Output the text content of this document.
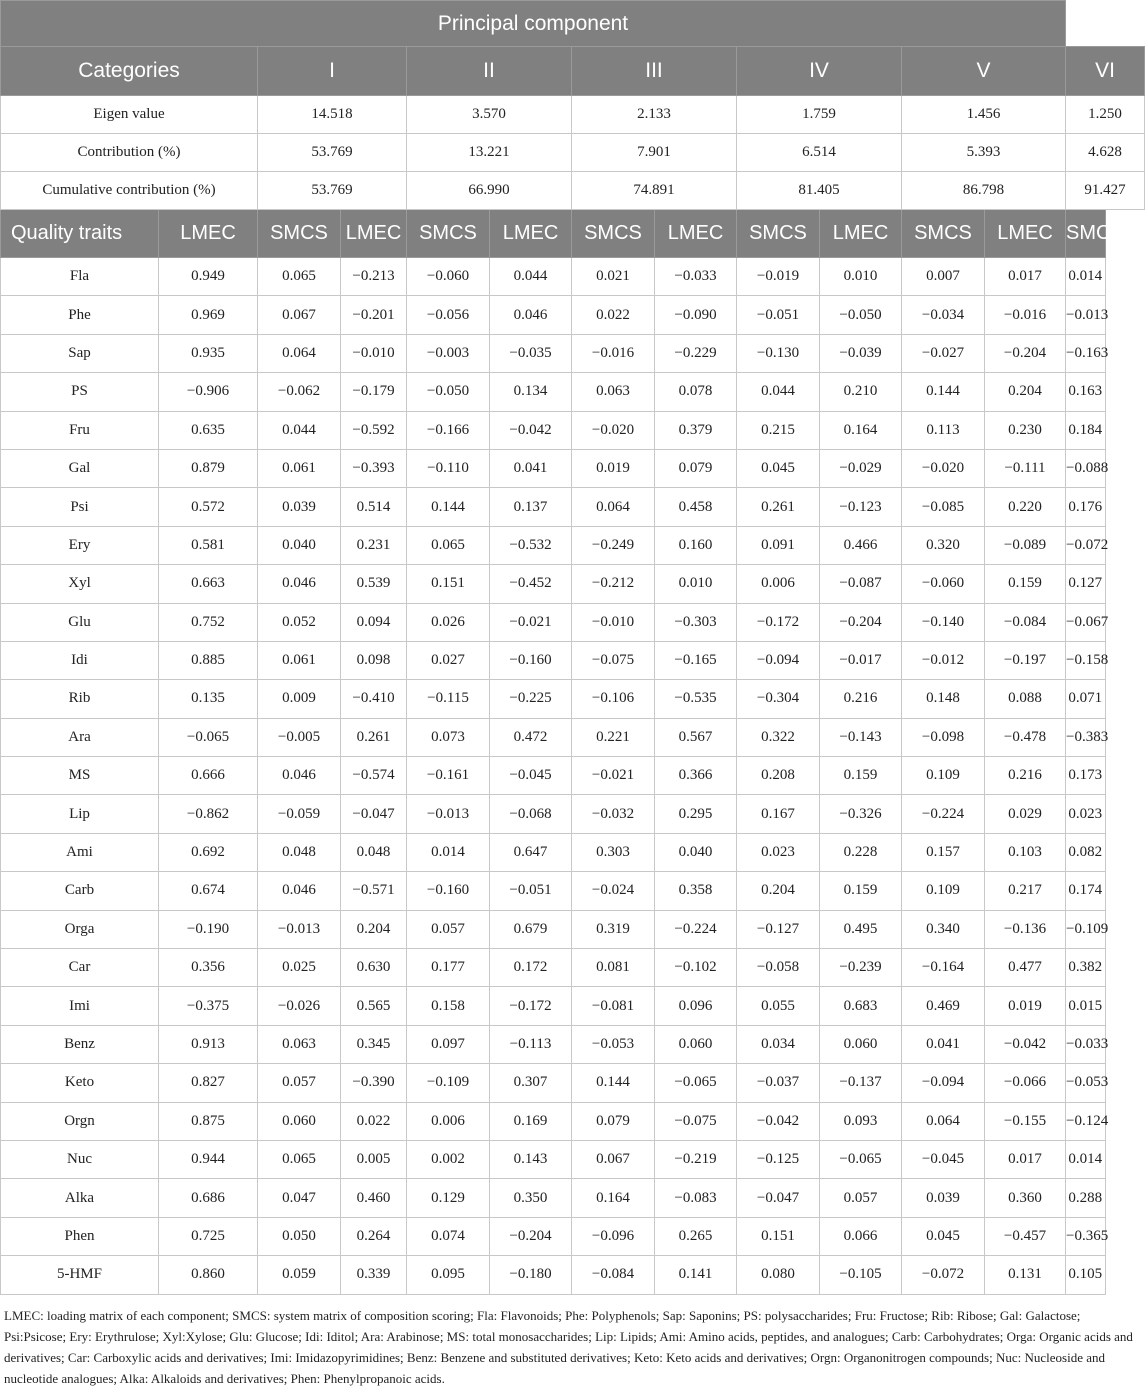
Principal component												
Categories		I		II		III		IV		V		VI
Eigen value		14.518		3.570		2.133		1.759		1.456		1.250
Contribution (%)		53.769		13.221		7.901		6.514		5.393		4.628
Cumulative contribution (%)		53.769		66.990		74.891		81.405		86.798		91.427
Quality traits	LMEC	SMCS	LMEC	SMCS	LMEC	SMCS	LMEC	SMCS	LMEC	SMCS	LMEC	SMCS
Fla	0.949	0.065	−0.213	−0.060	0.044	0.021	−0.033	−0.019	0.010	0.007	0.017	0.014
Phe	0.969	0.067	−0.201	−0.056	0.046	0.022	−0.090	−0.051	−0.050	−0.034	−0.016	−0.013
Sap	0.935	0.064	−0.010	−0.003	−0.035	−0.016	−0.229	−0.130	−0.039	−0.027	−0.204	−0.163
PS	−0.906	−0.062	−0.179	−0.050	0.134	0.063	0.078	0.044	0.210	0.144	0.204	0.163
Fru	0.635	0.044	−0.592	−0.166	−0.042	−0.020	0.379	0.215	0.164	0.113	0.230	0.184
Gal	0.879	0.061	−0.393	−0.110	0.041	0.019	0.079	0.045	−0.029	−0.020	−0.111	−0.088
Psi	0.572	0.039	0.514	0.144	0.137	0.064	0.458	0.261	−0.123	−0.085	0.220	0.176
Ery	0.581	0.040	0.231	0.065	−0.532	−0.249	0.160	0.091	0.466	0.320	−0.089	−0.072
Xyl	0.663	0.046	0.539	0.151	−0.452	−0.212	0.010	0.006	−0.087	−0.060	0.159	0.127
Glu	0.752	0.052	0.094	0.026	−0.021	−0.010	−0.303	−0.172	−0.204	−0.140	−0.084	−0.067
Idi	0.885	0.061	0.098	0.027	−0.160	−0.075	−0.165	−0.094	−0.017	−0.012	−0.197	−0.158
Rib	0.135	0.009	−0.410	−0.115	−0.225	−0.106	−0.535	−0.304	0.216	0.148	0.088	0.071
Ara	−0.065	−0.005	0.261	0.073	0.472	0.221	0.567	0.322	−0.143	−0.098	−0.478	−0.383
MS	0.666	0.046	−0.574	−0.161	−0.045	−0.021	0.366	0.208	0.159	0.109	0.216	0.173
Lip	−0.862	−0.059	−0.047	−0.013	−0.068	−0.032	0.295	0.167	−0.326	−0.224	0.029	0.023
Ami	0.692	0.048	0.048	0.014	0.647	0.303	0.040	0.023	0.228	0.157	0.103	0.082
Carb	0.674	0.046	−0.571	−0.160	−0.051	−0.024	0.358	0.204	0.159	0.109	0.217	0.174
Orga	−0.190	−0.013	0.204	0.057	0.679	0.319	−0.224	−0.127	0.495	0.340	−0.136	−0.109
Car	0.356	0.025	0.630	0.177	0.172	0.081	−0.102	−0.058	−0.239	−0.164	0.477	0.382
Imi	−0.375	−0.026	0.565	0.158	−0.172	−0.081	0.096	0.055	0.683	0.469	0.019	0.015
Benz	0.913	0.063	0.345	0.097	−0.113	−0.053	0.060	0.034	0.060	0.041	−0.042	−0.033
Keto	0.827	0.057	−0.390	−0.109	0.307	0.144	−0.065	−0.037	−0.137	−0.094	−0.066	−0.053
Orgn	0.875	0.060	0.022	0.006	0.169	0.079	−0.075	−0.042	0.093	0.064	−0.155	−0.124
Nuc	0.944	0.065	0.005	0.002	0.143	0.067	−0.219	−0.125	−0.065	−0.045	0.017	0.014
Alka	0.686	0.047	0.460	0.129	0.350	0.164	−0.083	−0.047	0.057	0.039	0.360	0.288
Phen	0.725	0.050	0.264	0.074	−0.204	−0.096	0.265	0.151	0.066	0.045	−0.457	−0.365
5-HMF	0.860	0.059	0.339	0.095	−0.180	−0.084	0.141	0.080	−0.105	−0.072	0.131	0.105
LMEC: loading matrix of each component; SMCS: system matrix of composition scoring; Fla: Flavonoids; Phe: Polyphenols; Sap: Saponins; PS: polysaccharides; Fru: Fructose; Rib: Ribose; Gal: Galactose; Psi:Psicose; Ery: Erythrulose; Xyl:Xylose; Glu: Glucose; Idi: Iditol; Ara: Arabinose; MS: total monosaccharides; Lip: Lipids; Ami: Amino acids, peptides, and analogues; Carb: Carbohydrates; Orga: Organic acids and derivatives; Car: Carboxylic acids and derivatives; Imi: Imidazopyrimidines; Benz: Benzene and substituted derivatives; Keto: Keto acids and derivatives; Orgn: Organonitrogen compounds; Nuc: Nucleoside and nucleotide analogues; Alka: Alkaloids and derivatives; Phen: Phenylpropanoic acids.
